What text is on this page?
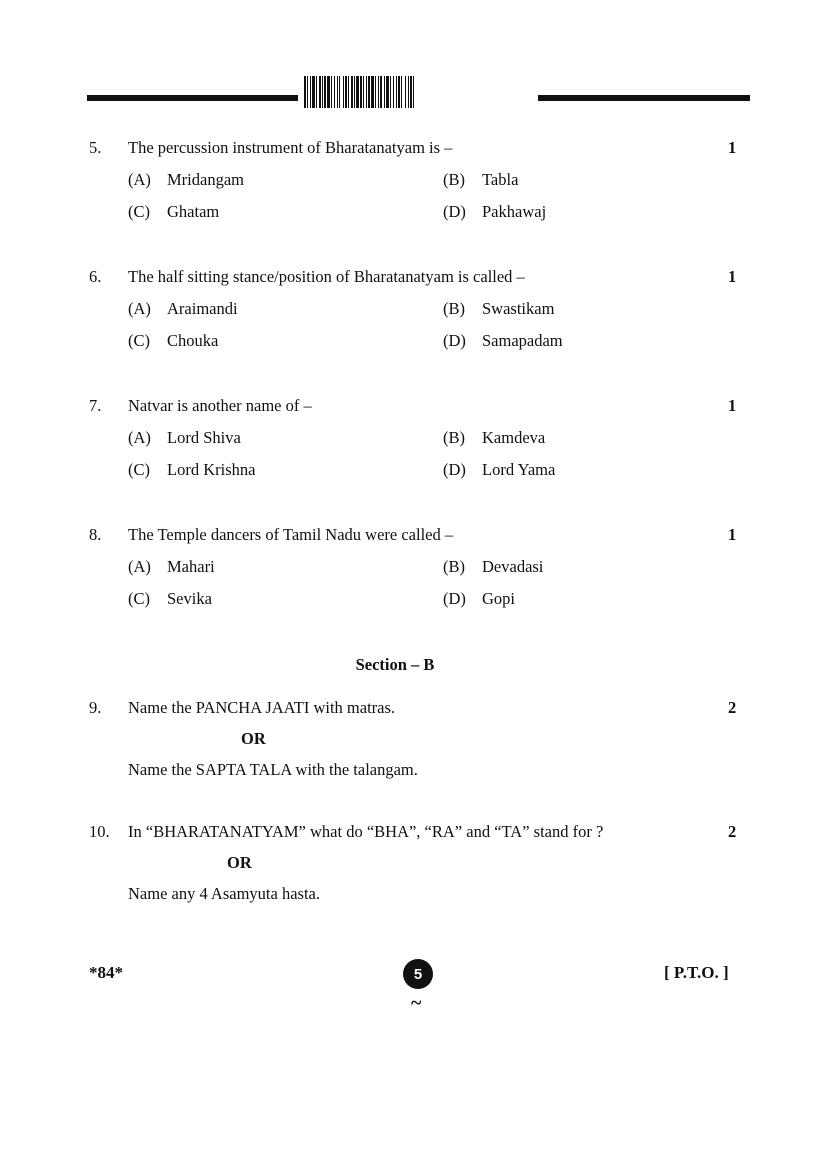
5. The percussion instrument of Bharatanatyam is –	1
(A) Mridangam	(B) Tabla
(C) Ghatam	(D) Pakhawaj
6. The half sitting stance/position of Bharatanatyam is called –	1
(A) Araimandi	(B) Swastikam
(C) Chouka	(D) Samapadam
7. Natvar is another name of –	1
(A) Lord Shiva	(B) Kamdeva
(C) Lord Krishna	(D) Lord Yama
8. The Temple dancers of Tamil Nadu were called –	1
(A) Mahari	(B) Devadasi
(C) Sevika	(D) Gopi
Section – B
9. Name the PANCHA JAATI with matras.	2
OR
Name the SAPTA TALA with the talangam.
10. In “BHARATANATYAM” what do “BHA”, “RA” and “TA” stand for ?	2
OR
Name any 4 Asamyuta hasta.
*84*	5
~
[ P.T.O. ]
